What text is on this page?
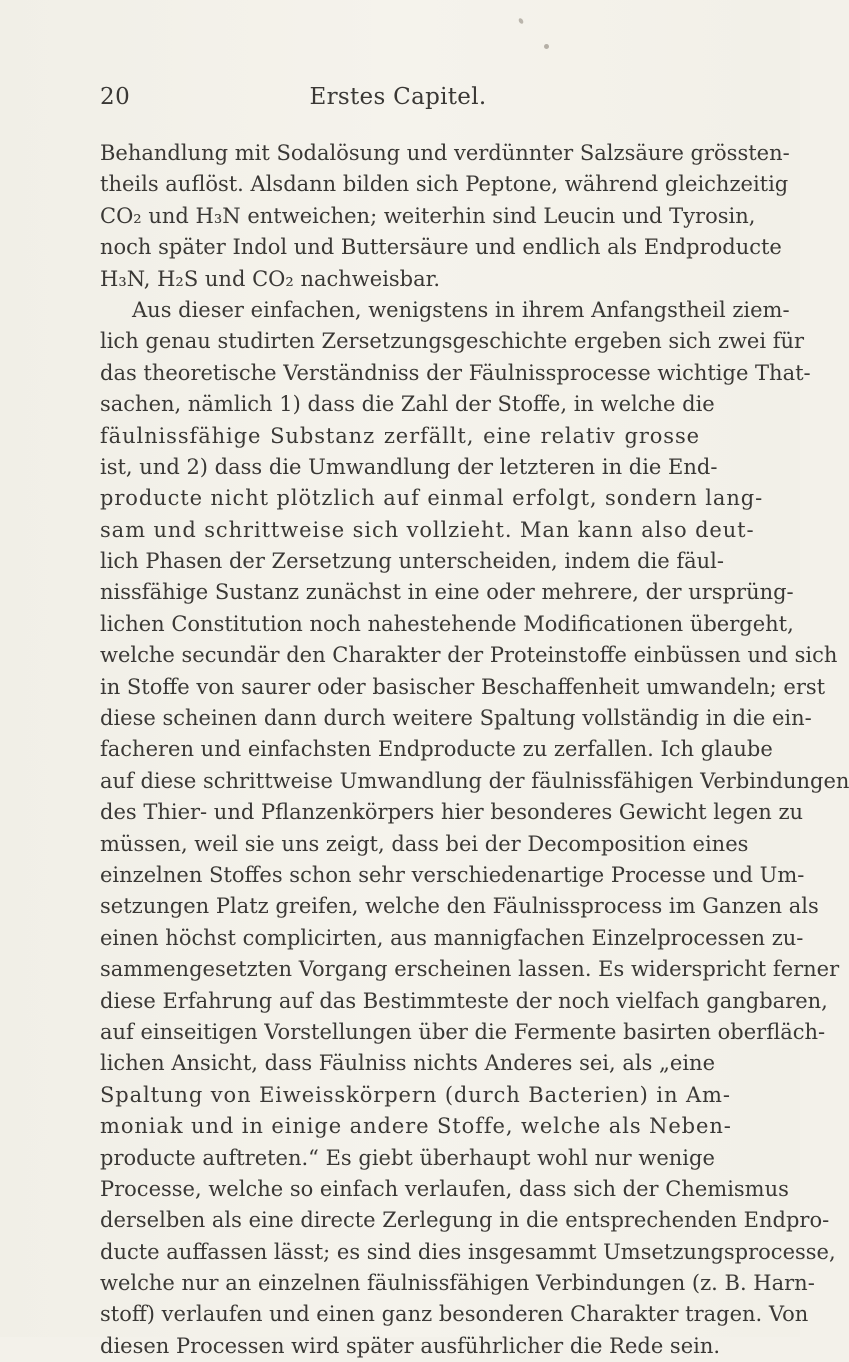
20	Erstes Capitel.
Behandlung mit Sodalösung und verdünnter Salzsäure grössten-
theils auflöst. Alsdann bilden sich Peptone, während gleichzeitig
CO₂ und H₃N entweichen; weiterhin sind Leucin und Tyrosin,
noch später Indol und Buttersäure und endlich als Endproducte
H₃N, H₂S und CO₂ nachweisbar.
Aus dieser einfachen, wenigstens in ihrem Anfangstheil ziem-
lich genau studirten Zersetzungsgeschichte ergeben sich zwei für
das theoretische Verständniss der Fäulnissprocesse wichtige That-
sachen, nämlich 1) dass die Zahl der Stoffe, in welche die
fäulnissfähige Substanz zerfällt, eine relativ grosse
ist, und 2) dass die Umwandlung der letzteren in die End-
producte nicht plötzlich auf einmal erfolgt, sondern lang-
sam und schrittweise sich vollzieht. Man kann also deut-
lich Phasen der Zersetzung unterscheiden, indem die fäul-
nissfähige Sustanz zunächst in eine oder mehrere, der ursprüng-
lichen Constitution noch nahestehende Modificationen übergeht,
welche secundär den Charakter der Proteinstoffe einbüssen und sich
in Stoffe von saurer oder basischer Beschaffenheit umwandeln; erst
diese scheinen dann durch weitere Spaltung vollständig in die ein-
facheren und einfachsten Endproducte zu zerfallen. Ich glaube
auf diese schrittweise Umwandlung der fäulnissfähigen Verbindungen
des Thier- und Pflanzenkörpers hier besonderes Gewicht legen zu
müssen, weil sie uns zeigt, dass bei der Decomposition eines
einzelnen Stoffes schon sehr verschiedenartige Processe und Um-
setzungen Platz greifen, welche den Fäulnissprocess im Ganzen als
einen höchst complicirten, aus mannigfachen Einzelprocessen zu-
sammengesetzten Vorgang erscheinen lassen. Es widerspricht ferner
diese Erfahrung auf das Bestimmteste der noch vielfach gangbaren,
auf einseitigen Vorstellungen über die Fermente basirten oberfläch-
lichen Ansicht, dass Fäulniss nichts Anderes sei, als „eine
Spaltung von Eiweisskörpern (durch Bacterien) in Am-
moniak und in einige andere Stoffe, welche als Neben-
producte auftreten.“ Es giebt überhaupt wohl nur wenige
Processe, welche so einfach verlaufen, dass sich der Chemismus
derselben als eine directe Zerlegung in die entsprechenden Endpro-
ducte auffassen lässt; es sind dies insgesammt Umsetzungsprocesse,
welche nur an einzelnen fäulnissfähigen Verbindungen (z. B. Harn-
stoff) verlaufen und einen ganz besonderen Charakter tragen. Von
diesen Processen wird später ausführlicher die Rede sein.
